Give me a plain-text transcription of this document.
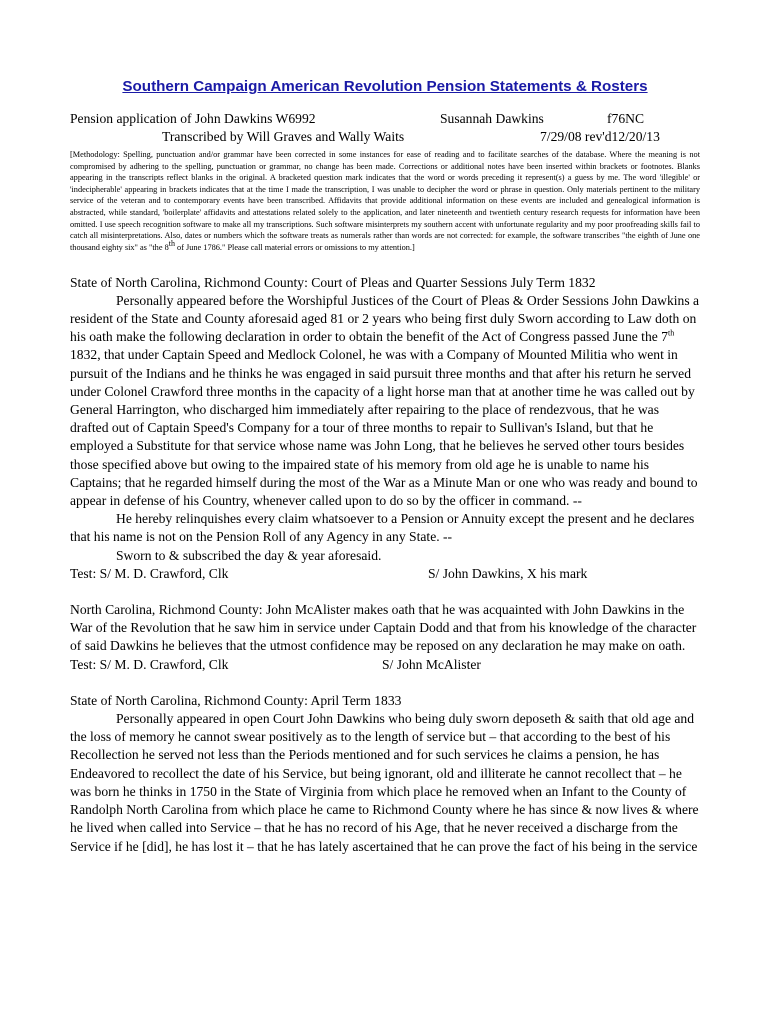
Southern Campaign American Revolution Pension Statements & Rosters
Pension application of John Dawkins W6992	Susannah Dawkins	f76NC
Transcribed by Will Graves and Wally Waits	7/29/08 rev'd12/20/13

[Methodology: Spelling, punctuation and/or grammar have been corrected in some instances for ease of reading and to facilitate searches of the database. Where the meaning is not compromised by adhering to the spelling, punctuation or grammar, no change has been made. Corrections or additional notes have been inserted within brackets or footnotes. Blanks appearing in the transcripts reflect blanks in the original. A bracketed question mark indicates that the word or words preceding it represent(s) a guess by me. The word 'illegible' or 'indecipherable' appearing in brackets indicates that at the time I made the transcription, I was unable to decipher the word or phrase in question. Only materials pertinent to the military service of the veteran and to contemporary events have been transcribed. Affidavits that provide additional information on these events are included and genealogical information is abstracted, while standard, 'boilerplate' affidavits and attestations related solely to the application, and later nineteenth and twentieth century research requests for information have been omitted. I use speech recognition software to make all my transcriptions. Such software misinterprets my southern accent with unfortunate regularity and my poor proofreading skills fail to catch all misinterpretations. Also, dates or numbers which the software treats as numerals rather than words are not corrected: for example, the software transcribes "the eighth of June one thousand eighty six" as "the 8th of June 1786." Please call material errors or omissions to my attention.]

State of North Carolina, Richmond County: Court of Pleas and Quarter Sessions July Term 1832

Personally appeared before the Worshipful Justices of the Court of Pleas & Order Sessions John Dawkins a resident of the State and County aforesaid aged 81 or 2 years who being first duly Sworn according to Law doth on his oath make the following declaration in order to obtain the benefit of the Act of Congress passed June the 7th 1832, that under Captain Speed and Medlock Colonel, he was with a Company of Mounted Militia who went in pursuit of the Indians and he thinks he was engaged in said pursuit three months and that after his return he served under Colonel Crawford three months in the capacity of a light horse man that at another time he was called out by General Harrington, who discharged him immediately after repairing to the place of rendezvous, that he was drafted out of Captain Speed's Company for a tour of three months to repair to Sullivan's Island, but that he employed a Substitute for that service whose name was John Long, that he believes he served other tours besides those specified above but owing to the impaired state of his memory from old age he is unable to name his Captains; that he regarded himself during the most of the War as a Minute Man or one who was ready and bound to appear in defense of his Country, whenever called upon to do so by the officer in command. --

He hereby relinquishes every claim whatsoever to a Pension or Annuity except the present and he declares that his name is not on the Pension Roll of any Agency in any State. --

Sworn to & subscribed the day & year aforesaid.

Test: S/ M. D. Crawford, Clk	S/ John Dawkins, X his mark

North Carolina, Richmond County: John McAlister makes oath that he was acquainted with John Dawkins in the War of the Revolution that he saw him in service under Captain Dodd and that from his knowledge of the character of said Dawkins he believes that the utmost confidence may be reposed on any declaration he may make on oath.

Test: S/ M. D. Crawford, Clk	S/ John McAlister

State of North Carolina, Richmond County: April Term 1833

Personally appeared in open Court John Dawkins who being duly sworn deposeth & saith that old age and the loss of memory he cannot swear positively as to the length of service but – that according to the best of his Recollection he served not less than the Periods mentioned and for such services he claims a pension, he has Endeavored to recollect the date of his Service, but being ignorant, old and illiterate he cannot recollect that – he was born he thinks in 1750 in the State of Virginia from which place he removed when an Infant to the County of Randolph North Carolina from which place he came to Richmond County where he has since & now lives & where he lived when called into Service – that he has no record of his Age, that he never received a discharge from the Service if he [did], he has lost it – that he has lately ascertained that he can prove the fact of his being in the service
